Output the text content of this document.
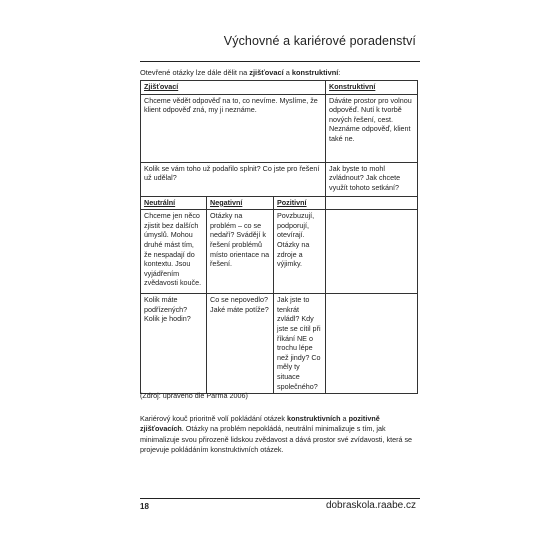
Výchovné a kariérové poradenství
Otevřené otázky lze dále dělit na zjišťovací a konstruktivní:
Zjišťovací			Konstruktivní
Chceme vědět odpověď na to, co nevíme. Myslíme, že klient odpověď zná, my ji neznáme.			Dáváte prostor pro volnou odpověď. Nutí k tvorbě nových řešení, cest. Neznáme odpověď, klient také ne.
Kolik se vám toho už podařilo splnit? Co jste pro řešení už udělal?			Jak byste to mohl zvládnout? Jak chcete využít tohoto setkání?
Neutrální	Negativní	Pozitivní	
Chceme jen něco zjistit bez dalších úmyslů. Mohou druhé mást tím, že nespadají do kontextu. Jsou vyjádřením zvědavosti kouče.	Otázky na problém – co se nedaří? Svádějí k řešení problémů místo orientace na řešení.	Povzbuzují, podporují, otevírají. Otázky na zdroje a výjimky.	
Kolik máte podřízených? Kolik je hodin?	Co se nepovedlo? Jaké máte potíže?	Jak jste to tenkrát zvládl? Kdy jste se cítil při říkání NE o trochu lépe než jindy? Co měly ty situace společného?	
(Zdroj: upraveno dle Parma 2006)
Kariérový kouč prioritně volí pokládání otázek konstruktivních a pozitivně zjišťovacích. Otázky na problém nepokládá, neutrální minimalizuje s tím, jak minimalizuje svou přirozeně lidskou zvědavost a dává prostor své zvídavosti, která se projevuje pokládáním konstruktivních otázek.
18	dobraskola.raabe.cz
